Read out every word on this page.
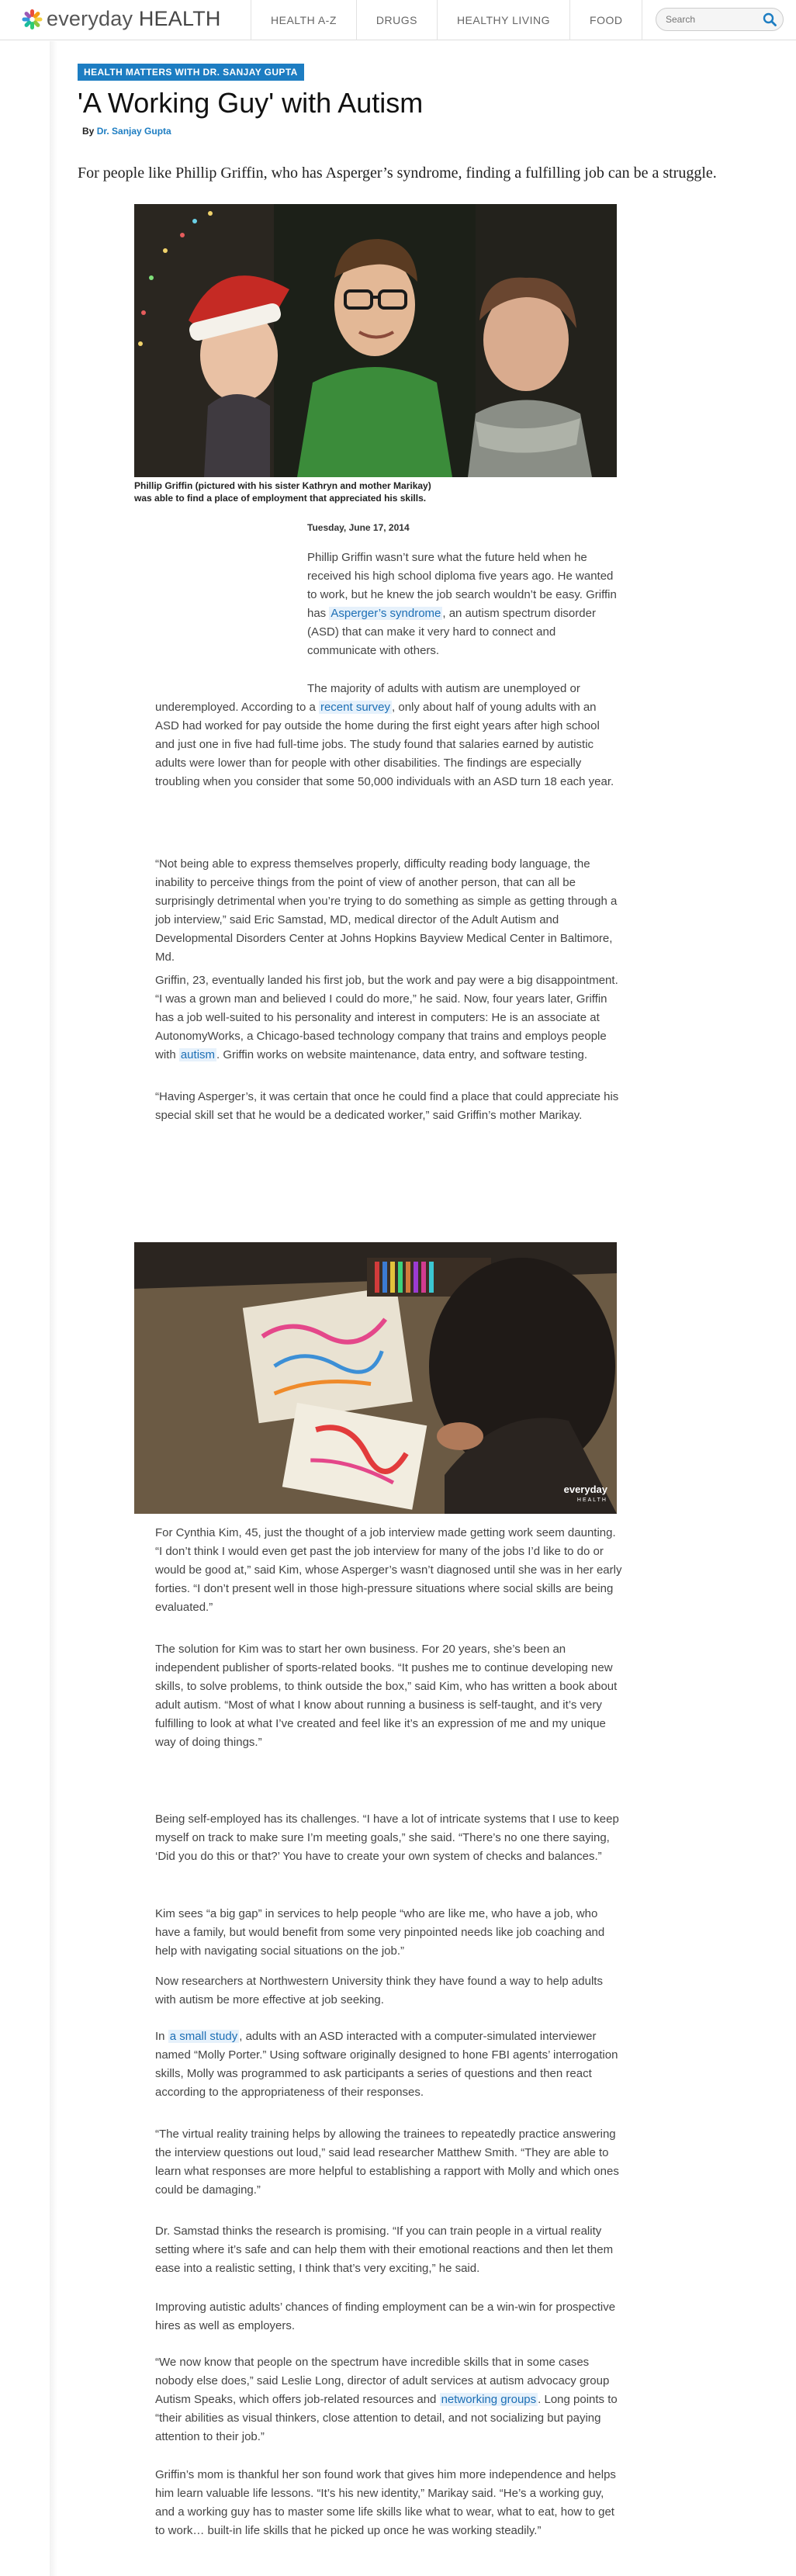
everyday HEALTH	HEALTH A-Z	DRUGS	HEALTHY LIVING	FOOD
Search
HEALTH MATTERS WITH DR. SANJAY GUPTA
'A Working Guy' with Autism
By Dr. Sanjay Gupta
For people like Phillip Griffin, who has Asperger’s syndrome, finding a fulfilling job can be a struggle.
Phillip Griffin (pictured with his sister Kathryn and mother Marikay)
was able to find a place of employment that appreciated his skills.
Tuesday, June 17, 2014

Phillip Griffin wasn’t sure what the future held when he received his high school diploma five years ago. He wanted to work, but he knew the job search wouldn’t be easy. Griffin has Asperger’s syndrome , an autism spectrum disorder (ASD) that can make it very hard to connect and communicate with others.

The majority of adults with autism are unemployed or underemployed. According to a recent survey , only about half of young adults with an ASD had worked for pay outside the home during the first eight years after high school and just one in five had full-time jobs. The study found that salaries earned by autistic adults were lower than for people with other disabilities. The findings are especially troubling when you consider that some 50,000 individuals with an ASD turn 18 each year.

“Not being able to express themselves properly, difficulty reading body language, the inability to perceive things from the point of view of another person, that can all be surprisingly detrimental when you’re trying to do something as simple as getting through a job interview,” said Eric Samstad, MD, medical director of the Adult Autism and Developmental Disorders Center at Johns Hopkins Bayview Medical Center in Baltimore, Md.

Griffin, 23, eventually landed his first job, but the work and pay were a big disappointment. “I was a grown man and believed I could do more,” he said. Now, four years later, Griffin has a job well-suited to his personality and interest in computers: He is an associate at AutonomyWorks, a Chicago-based technology company that trains and employs people with autism . Griffin works on website maintenance, data entry, and software testing.

“Having Asperger’s, it was certain that once he could find a place that could appreciate his special skill set that he would be a dedicated worker,” said Griffin’s mother Marikay.

everyday
HEALTH

For Cynthia Kim, 45, just the thought of a job interview made getting work seem daunting. “I don’t think I would even get past the job interview for many of the jobs I’d like to do or would be good at,” said Kim, whose Asperger’s wasn’t diagnosed until she was in her early forties. “I don’t present well in those high-pressure situations where social skills are being evaluated.”

The solution for Kim was to start her own business. For 20 years, she’s been an independent publisher of sports-related books. “It pushes me to continue developing new skills, to solve problems, to think outside the box,” said Kim, who has written a book about adult autism. “Most of what I know about running a business is self-taught, and it’s very fulfilling to look at what I’ve created and feel like it’s an expression of me and my unique way of doing things.”

Being self-employed has its challenges. “I have a lot of intricate systems that I use to keep myself on track to make sure I’m meeting goals,” she said. “There’s no one there saying, ‘Did you do this or that?’ You have to create your own system of checks and balances.”

Kim sees “a big gap” in services to help people “who are like me, who have a job, who have a family, but would benefit from some very pinpointed needs like job coaching and help with navigating social situations on the job.”

Now researchers at Northwestern University think they have found a way to help adults with autism be more effective at job seeking.

In a small study , adults with an ASD interacted with a computer-simulated interviewer named “Molly Porter.” Using software originally designed to hone FBI agents’ interrogation skills, Molly was programmed to ask participants a series of questions and then react according to the appropriateness of their responses.

“The virtual reality training helps by allowing the trainees to repeatedly practice answering the interview questions out loud,” said lead researcher Matthew Smith. “They are able to learn what responses are more helpful to establishing a rapport with Molly and which ones could be damaging.”

Dr. Samstad thinks the research is promising. “If you can train people in a virtual reality setting where it’s safe and can help them with their emotional reactions and then let them ease into a realistic setting, I think that’s very exciting,” he said.

Improving autistic adults’ chances of finding employment can be a win-win for prospective hires as well as employers.

“We now know that people on the spectrum have incredible skills that in some cases nobody else does,” said Leslie Long, director of adult services at autism advocacy group Autism Speaks, which offers job-related resources and networking groups . Long points to “their abilities as visual thinkers, close attention to detail, and not socializing but paying attention to their job.”

Griffin’s mom is thankful her son found work that gives him more independence and helps him learn valuable life lessons. “It’s his new identity,” Marikay said. “He’s a working guy, and a working guy has to master some life skills like what to wear, what to eat, how to get to work… built-in life skills that he picked up once he was working steadily.”
